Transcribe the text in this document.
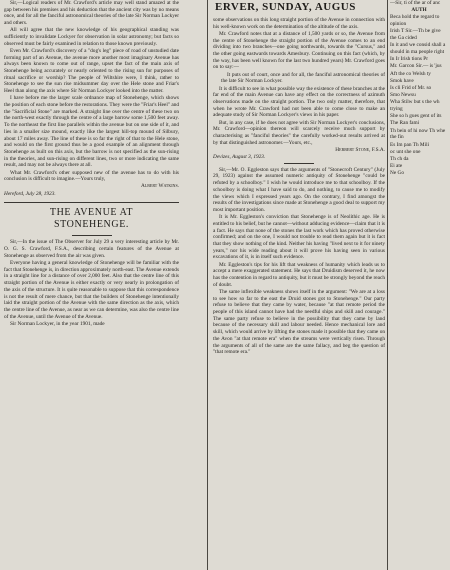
ERVER, SUNDAY, AUGUS

Sir,—Logical readers of Mr. Crawford's article may well stand amazed at the gap between his premises and his deduction that the ancient city was by no means once, and for all the fanciful astronomical theories of the late Sir Norman Lockyer and others.

All will agree that the new knowledge of his geographical standing was sufficiently to invalidate Lockyer for observation in solar astronomy; but facts so observed must be fairly examined in relation to those known previously.

Even Mr. Crawford's discovery of a "dog's leg" piece of road of unstudied date forming part of an Avenue, the avenue more another most imaginary Avenue has always been known to come out of range, upset the fact of the main axis of Stonehenge being accurately or nearly oriented to the rising sun for purposes of ritual sacrifice or worship? The people of Wiltshire were, I think, rather to Stonehenge to see the sun rise midsummer day over the Hele stone and Friar's Heel than along the axis where Sir Norman Lockyer looked into the matter.

I have before me the larger scale ordnance map of Stonehenge, which shows the position of each stone before the restorations. They were the "Friar's Heel" and the "Sacrificial Stone" are marked. A straight line over the centre of these two on the north-west exactly through the centre of a large barrow some 1,500 feet away. To the northeast the first line parallels within the avenue but on one side of it, and lies in a smaller size mound, exactly like the largest hill-top mound of Silbury, about 17 miles away. The line of these is so far the right of that to the Hele stone, and would on the first ground thus be a good example of an alignment through Stonehenge as built on this axis, but the barrow is not specified as the sun-rising in the theories, and sun-rising on different lines, two or more indicating the same result, and may not be always there at all.

What Mr. Crawford's other supposed new of the avenue has to do with his conclusion is difficult to imagine.—Yours truly,

Albert Watkins.

Hereford, July 28, 1923.

THE AVENUE AT
STONEHENGE.

Sir,—In the issue of The Observer for July 29 a very interesting article by Mr. O. G. S. Crawford, F.S.A., describing certain features of the Avenue at Stonehenge as observed from the air was given.

Everyone having a general knowledge of Stonehenge will be familiar with the fact that Stonehenge is, in direction approximately north-east. The Avenue extends in a straight line for a distance of over 2,000 feet. Also that the centre line of this straight portion of the Avenue is either exactly or very nearly in prolongation of the axis of the structure. It is quite reasonable to suppose that this correspondence is not the result of mere chance, but that the builders of Stonehenge intentionally laid the straight portion of the Avenue with the same direction as the axis, which the centre line of the Avenue, as near as we can determine, was also the centre line of the Avenue, until the Avenue of the Avenue.

Sir Norman Lockyer, in the year 1901, made

some observations on this long straight portion of the Avenue in connection with his well-known work on the determination of the altitude of the axis.

Mr. Crawford notes that at a distance of 1,500 yards or so, the Avenue from the centre of Stonehenge the straight portion of the Avenue comes to an end dividing into two branches—one going northwards, towards the "Cursus," and the other going eastwards towards Amesbury. Continuing on this fact (which, by the way, has been well known for the last two hundred years) Mr. Crawford goes on to say:—

It puts out of court, once and for all, the fanciful astronomical theories of the late Sir Norman Lockyer.

It is difficult to see in what possible way the existence of these branches at the far end of the main Avenue can have any effect on the correctness of azimuth observations made on the straight portion. The two only matter, therefore, that when he wrote Mr. Crawford had not been able to come close to make an adequate study of Sir Norman Lockyer's views in his paper.

But, in any case, if he does not agree with Sir Norman Lockyer's conclusions, Mr. Crawford—opinion thereon will scarcely receive much support by characterising as "fanciful theories" the carefully worked-out results arrived at by that distinguished astronomer.—Yours, etc.,

Herbert Stone, F.S.A.

Devizes, August 3, 1923.

Sir,—Mr. O. Eggleston says that the arguments of "Stonecroft Century" (July 29, 1923) against the assumed numeric antiquity of Stonehenge "could be refuted by a schoolboy." I wish he would introduce me to that schoolboy. If the schoolboy is doing what I have said to do, and nothing, to cause me to modify the views which I expressed years ago. On the contrary, I find amongst the results of the investigations since made at Stonehenge a good deal to support my most important position.

It is Mr. Eggleston's conviction that Stonehenge is of Neolithic age. He is entitled to his belief, but he cannot—without adducing evidence—claim that it is a fact. He says that none of the stones the last work which has proved otherwise confirmed; and on the one, I would not trouble to read them again but it is fact that they show nothing of the kind. Neither his having "lived next to it for ninety years," nor his wide reading about it will prove his having seen in various excavations of it, is in itself such evidence.

Mr. Eggleston's tips for his lift that weakness of humanity which leads us to accept a mere exaggerated statement. He says that Druidism deserved it, he now has the contention in regard to antiquity, but it must be strongly beyond the reach of doubt.

The same inflexible weakness shows itself in the argument: "We are at a loss to see how so far to the east the Druid stones got to Stonehenge." Our party refuse to believe that they came by water, because "at that remote period the people of this island cannot have had the needful ships and skill and courage." The same party refuse to believe in the possibility that they came by land because of the necessary skill and labour needed. Hence mechanical lore and skill, which would arrive by lifting the stones made it possible that they came on the Avon "at that remote era" when the streams were vertically risen. Through the arguments of all of the same are the same fallacy, and beg the question of "that remote era."

—Sir, ti of the ar of anc

AUTH

Beca hold the regard to opinion

Irish T Sir.—Th be give the Ga cided

In it and we consid shall a should in ma people right

In Ir Irish tions Pr

Mr. Garcon Sir.— is 'jus

Aft the co Welsh ty

Smok have

Is cli Frid of Mr. so

Smo Newsu

Wha Stilw but s the wh trying

She so h gues gent of its

The Ran fami

Th bein of hi now Th whe the fin

Es Im pan Th Mili

oc unt she one

Th ch da

Ei ate

Ne Go
